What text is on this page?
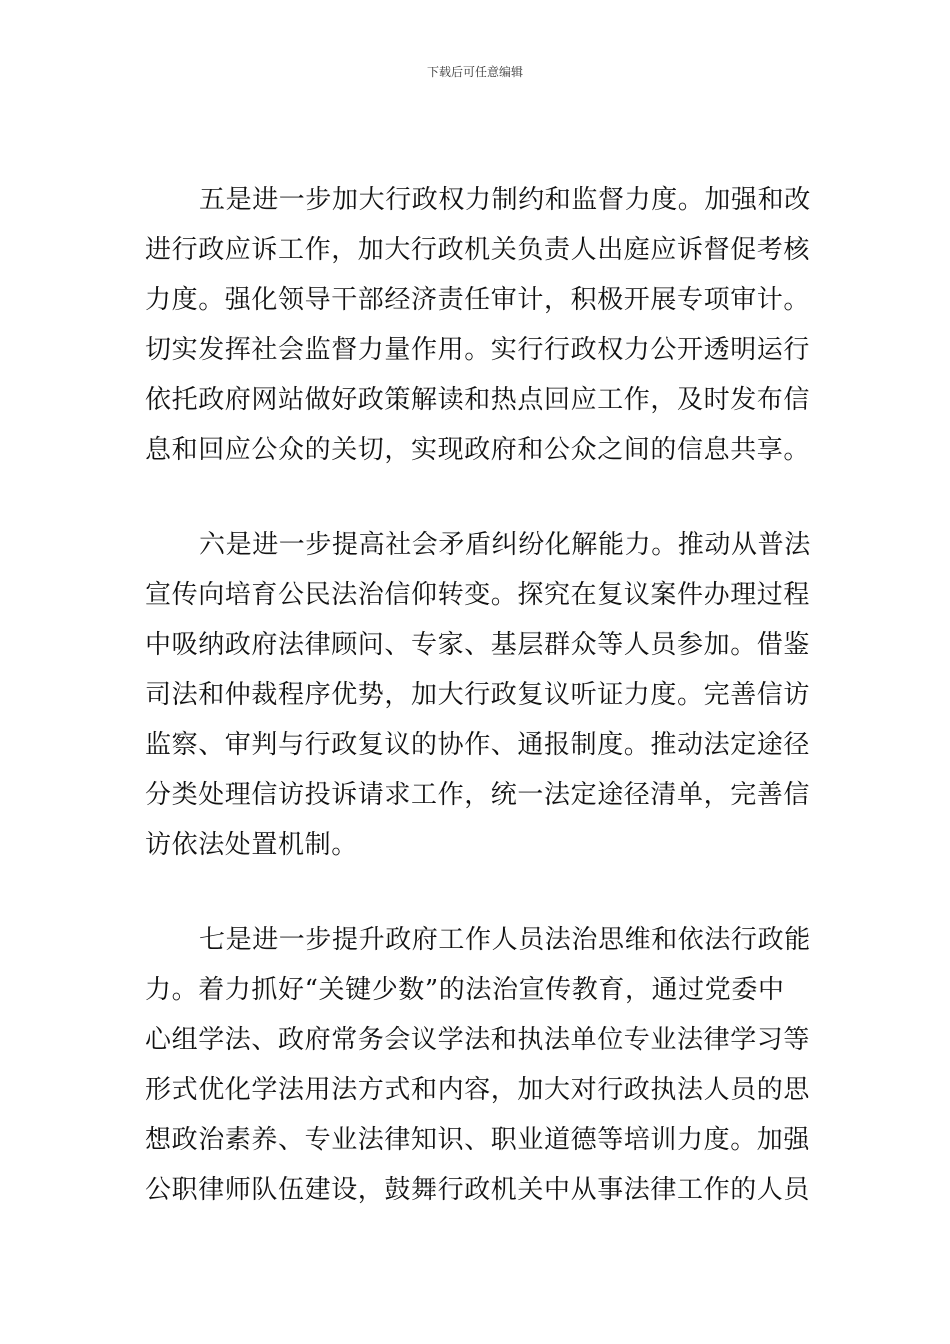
下载后可任意编辑

五是进一步加大行政权力制约和监督力度。加强和改
进行政应诉工作，加大行政机关负责人出庭应诉督促考核
力度。强化领导干部经济责任审计，积极开展专项审计。
切实发挥社会监督力量作用。实行行政权力公开透明运行
依托政府网站做好政策解读和热点回应工作，及时发布信
息和回应公众的关切，实现政府和公众之间的信息共享。

六是进一步提高社会矛盾纠纷化解能力。推动从普法
宣传向培育公民法治信仰转变。探究在复议案件办理过程
中吸纳政府法律顾问、专家、基层群众等人员参加。借鉴
司法和仲裁程序优势，加大行政复议听证力度。完善信访
监察、审判与行政复议的协作、通报制度。推动法定途径
分类处理信访投诉请求工作，统一法定途径清单，完善信
访依法处置机制。

七是进一步提升政府工作人员法治思维和依法行政能
力。着力抓好“关键少数”的法治宣传教育，通过党委中
心组学法、政府常务会议学法和执法单位专业法律学习等
形式优化学法用法方式和内容，加大对行政执法人员的思
想政治素养、专业法律知识、职业道德等培训力度。加强
公职律师队伍建设，鼓舞行政机关中从事法律工作的人员
